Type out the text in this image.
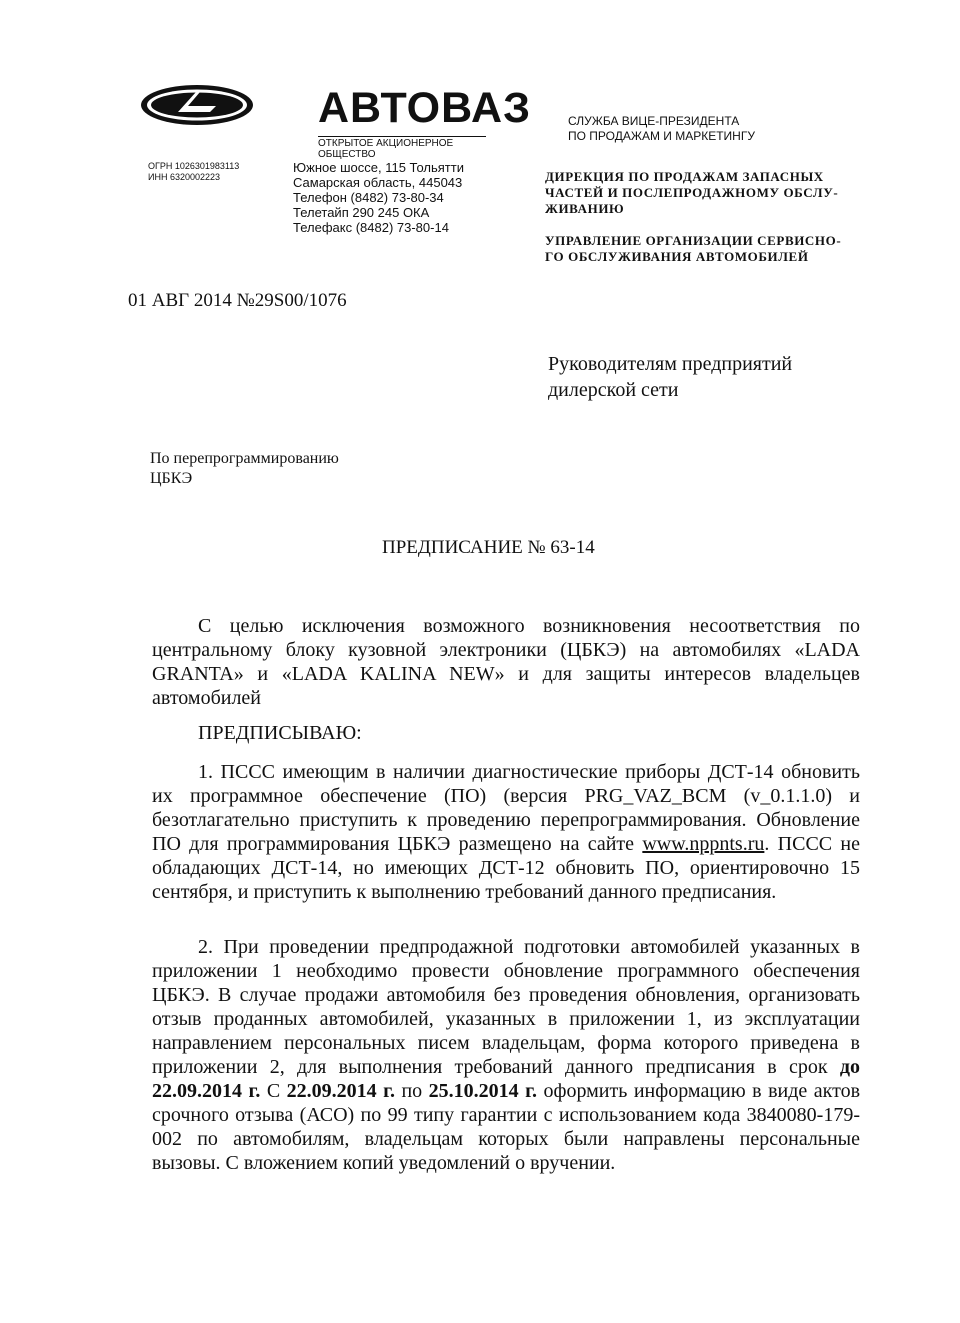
АВТОВАЗ
ОТКРЫТОЕ АКЦИОНЕРНОЕ ОБЩЕСТВО
СЛУЖБА ВИЦЕ-ПРЕЗИДЕНТА
ПО ПРОДАЖАМ И МАРКЕТИНГУ
ОГРН 1026301983113
ИНН 6320002223
Южное шоссе, 115 Тольятти
Самарская область, 445043
Телефон (8482) 73-80-34
Телетайп 290 245 ОКА
Телефакс (8482) 73-80-14
ДИРЕКЦИЯ ПО ПРОДАЖАМ ЗАПАСНЫХ
ЧАСТЕЙ И ПОСЛЕПРОДАЖНОМУ ОБСЛУ-
ЖИВАНИЮ
УПРАВЛЕНИЕ ОРГАНИЗАЦИИ СЕРВИСНО-
ГО ОБСЛУЖИВАНИЯ АВТОМОБИЛЕЙ
01 АВГ 2014 №29S00/1076
Руководителям предприятий
дилерской сети
По перепрограммированию
ЦБКЭ
ПРЕДПИСАНИЕ № 63-14
С целью исключения возможного возникновения несоответствия по центральному блоку кузовной электроники (ЦБКЭ) на автомобилях «LADA GRANTA» и «LADA KALINA NEW» и для защиты интересов владельцев автомобилей
ПРЕДПИСЫВАЮ:
1. ПССС имеющим в наличии диагностические приборы ДСТ-14 обновить их программное обеспечение (ПО) (версия PRG_VAZ_BCM (v_0.1.1.0) и безотлагательно приступить к проведению перепрограммирования. Обновление ПО для программирования ЦБКЭ размещено на сайте www.nppnts.ru. ПССС не обладающих ДСТ-14, но имеющих ДСТ-12 обновить ПО, ориентировочно 15 сентября, и приступить к выполнению требований данного предписания.
2. При проведении предпродажной подготовки автомобилей указанных в приложении 1 необходимо провести обновление программного обеспечения ЦБКЭ. В случае продажи автомобиля без проведения обновления, организовать отзыв проданных автомобилей, указанных в приложении 1, из эксплуатации направлением персональных писем владельцам, форма которого приведена в приложении 2, для выполнения требований данного предписания в срок до 22.09.2014 г. С 22.09.2014 г. по 25.10.2014 г. оформить информацию в виде актов срочного отзыва (АСО) по 99 типу гарантии с использованием кода 3840080-179-002 по автомобилям, владельцам которых были направлены персональные вызовы. С вложением копий уведомлений о вручении.
